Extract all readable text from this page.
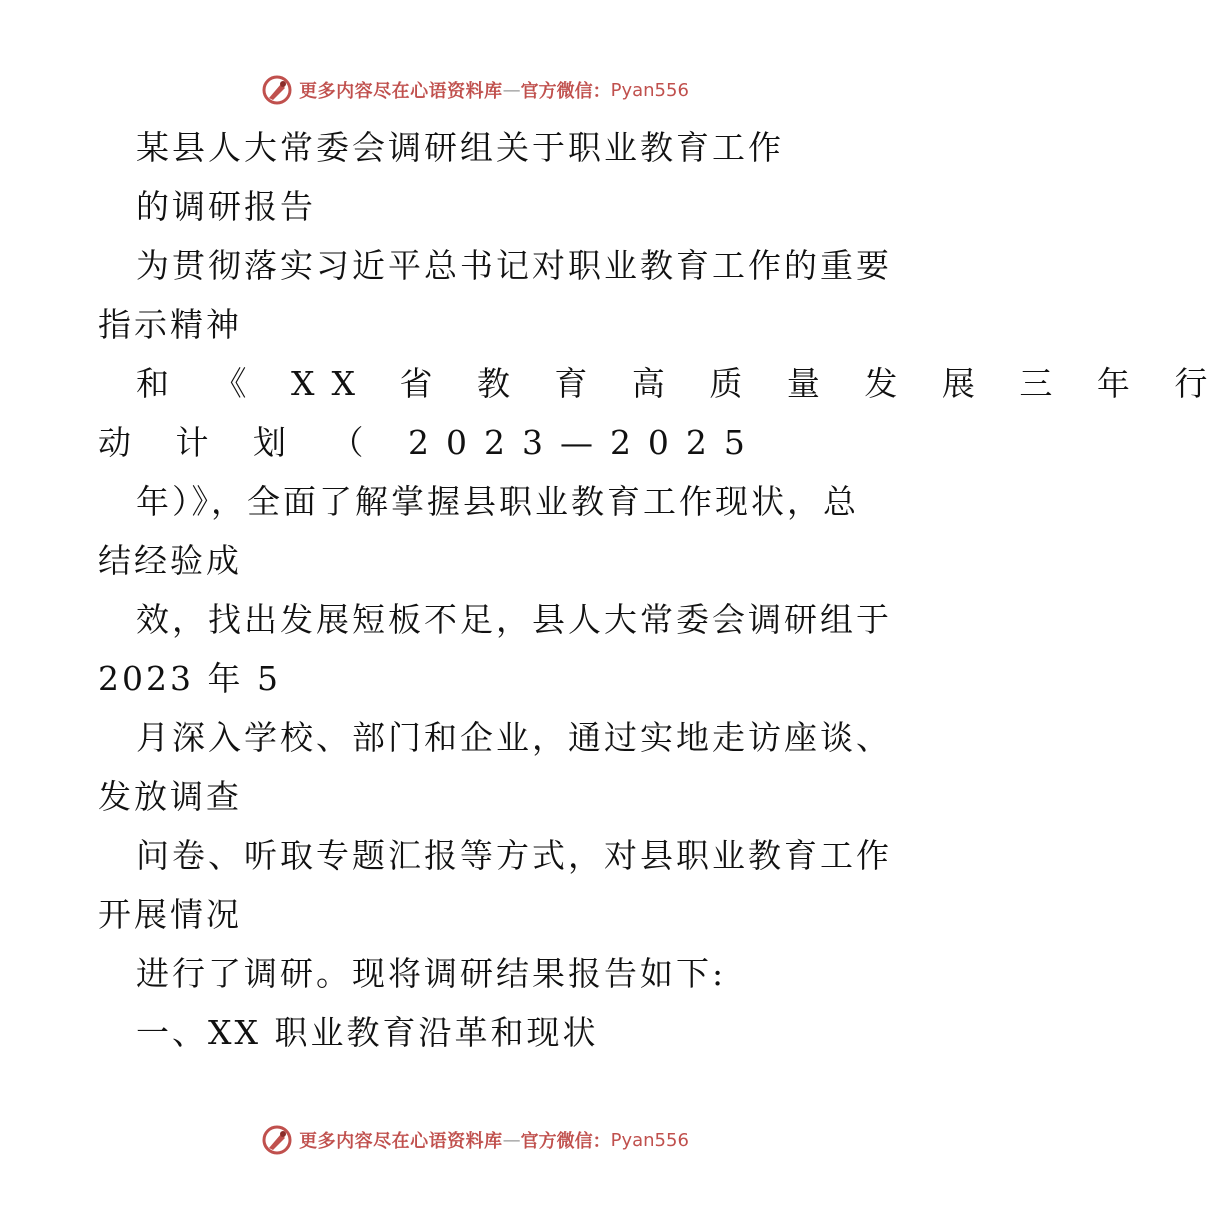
更多内容尽在心语资料库 — 官方微信： Pyan556
某县人大常委会调研组关于职业教育工作
的调研报告
为贯彻落实习近平总书记对职业教育工作的重要
指示精神
和 《 XX 省 教 育 高 质 量 发 展 三 年 行
动 计 划 （ 2023—2025
年）》，全面了解掌握县职业教育工作现状，总
结经验成
效，找出发展短板不足，县人大常委会调研组于
2023 年 5
月深入学校、部门和企业，通过实地走访座谈、
发放调查
问卷、听取专题汇报等方式，对县职业教育工作
开展情况
进行了调研。现将调研结果报告如下:
一、XX 职业教育沿革和现状
更多内容尽在心语资料库 — 官方微信： Pyan556
